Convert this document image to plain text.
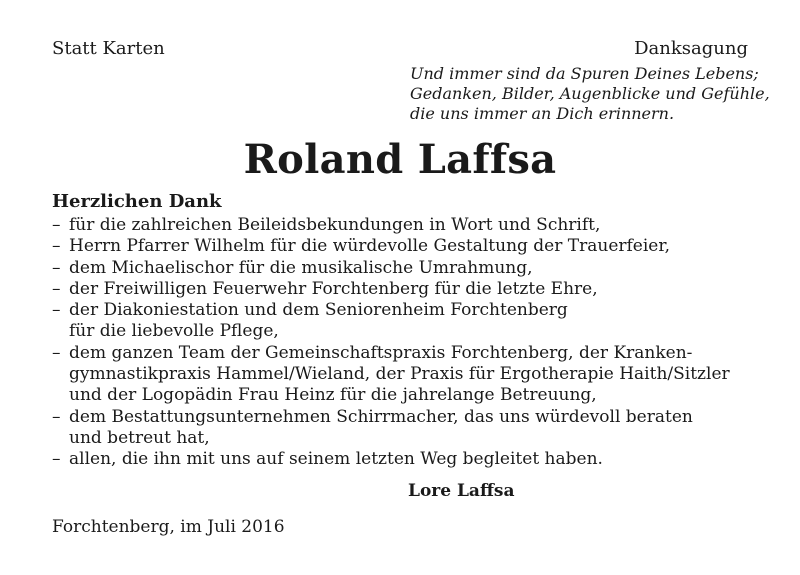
Statt Karten	Danksagung
Und immer sind da Spuren Deines Lebens;
Gedanken, Bilder, Augenblicke und Gefühle,
die uns immer an Dich erinnern.
Roland Laffsa
Herzlichen Dank
– für die zahlreichen Beileidsbekundungen in Wort und Schrift,
– Herrn Pfarrer Wilhelm für die würdevolle Gestaltung der Trauerfeier,
– dem Michaelischor für die musikalische Umrahmung,
– der Freiwilligen Feuerwehr Forchtenberg für die letzte Ehre,
– der Diakoniestation und dem Seniorenheim Forchtenberg
für die liebevolle Pflege,
– dem ganzen Team der Gemeinschaftspraxis Forchtenberg, der Kranken-
gymnastikpraxis Hammel/Wieland, der Praxis für Ergotherapie Haith/Sitzler
und der Logopädin Frau Heinz für die jahrelange Betreuung,
– dem Bestattungsunternehmen Schirrmacher, das uns würdevoll beraten
und betreut hat,
– allen, die ihn mit uns auf seinem letzten Weg begleitet haben.
Lore Laffsa
Forchtenberg, im Juli 2016
